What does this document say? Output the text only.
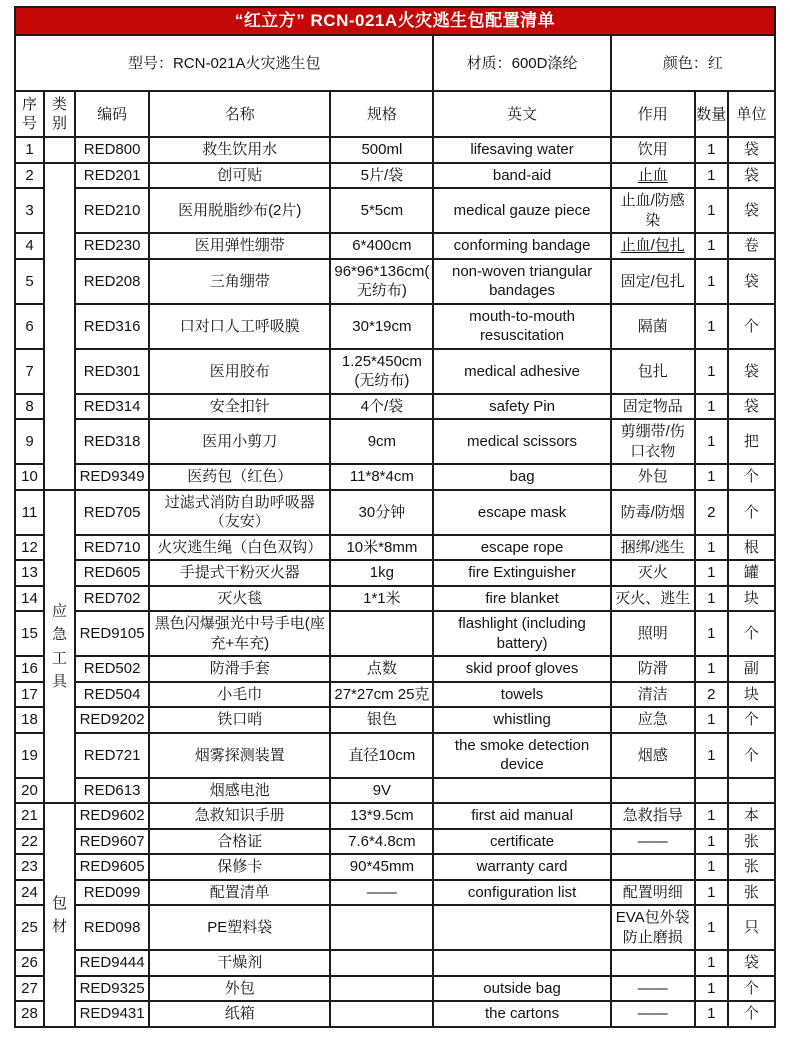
“红立方” RCN-021A火灾逃生包配置清单								
型号：RCN-021A火灾逃生包					材质：600D涤纶	颜色：红		
序号	类别	编码	名称	规格	英文	作用	数量	单位
1		RED800	救生饮用水	500ml	lifesaving water	饮用	1	袋
2		RED201	创可贴	5片/袋	band-aid	止血	1	袋
3		RED210	医用脱脂纱布(2片)	5*5cm	medical gauze piece	止血/防感染	1	袋
4		RED230	医用弹性绷带	6*400cm	conforming bandage	止血/包扎	1	卷
5		RED208	三角绷带	96*96*136cm(无纺布)	non-woven triangular bandages	固定/包扎	1	袋
6		RED316	口对口人工呼吸膜	30*19cm	mouth-to-mouth resuscitation	隔菌	1	个
7		RED301	医用胶布	1.25*450cm (无纺布)	medical adhesive	包扎	1	袋
8		RED314	安全扣针	4个/袋	safety Pin	固定物品	1	袋
9		RED318	医用小剪刀	9cm	medical scissors	剪绷带/伤口衣物	1	把
10		RED9349	医药包（红色）	11*8*4cm	bag	外包	1	个
11	应急工具	RED705	过滤式消防自助呼吸器（友安）	30分钟	escape mask	防毒/防烟	2	个
12		RED710	火灾逃生绳（白色双钩）	10米*8mm	escape rope	捆绑/逃生	1	根
13		RED605	手提式干粉灭火器	1kg	fire Extinguisher	灭火	1	罐
14		RED702	灭火毯	1*1米	fire blanket	灭火、逃生	1	块
15		RED9105	黑色闪爆强光中号手电(座充+车充)		flashlight (including battery)	照明	1	个
16		RED502	防滑手套	点数	skid proof gloves	防滑	1	副
17		RED504	小毛巾	27*27cm 25克	towels	清洁	2	块
18		RED9202	铁口哨	银色	whistling	应急	1	个
19		RED721	烟雾探测装置	直径10cm	the smoke detection device	烟感	1	个
20		RED613	烟感电池	9V				
21	包材	RED9602	急救知识手册	13*9.5cm	first aid manual	急救指导	1	本
22		RED9607	合格证	7.6*4.8cm	certificate	——	1	张
23		RED9605	保修卡	90*45mm	warranty card		1	张
24		RED099	配置清单	——	configuration list	配置明细	1	张
25		RED098	PE塑料袋			EVA包外袋防止磨损	1	只
26		RED9444	干燥剂				1	袋
27		RED9325	外包		outside bag	——	1	个
28		RED9431	纸箱		the cartons	——	1	个
